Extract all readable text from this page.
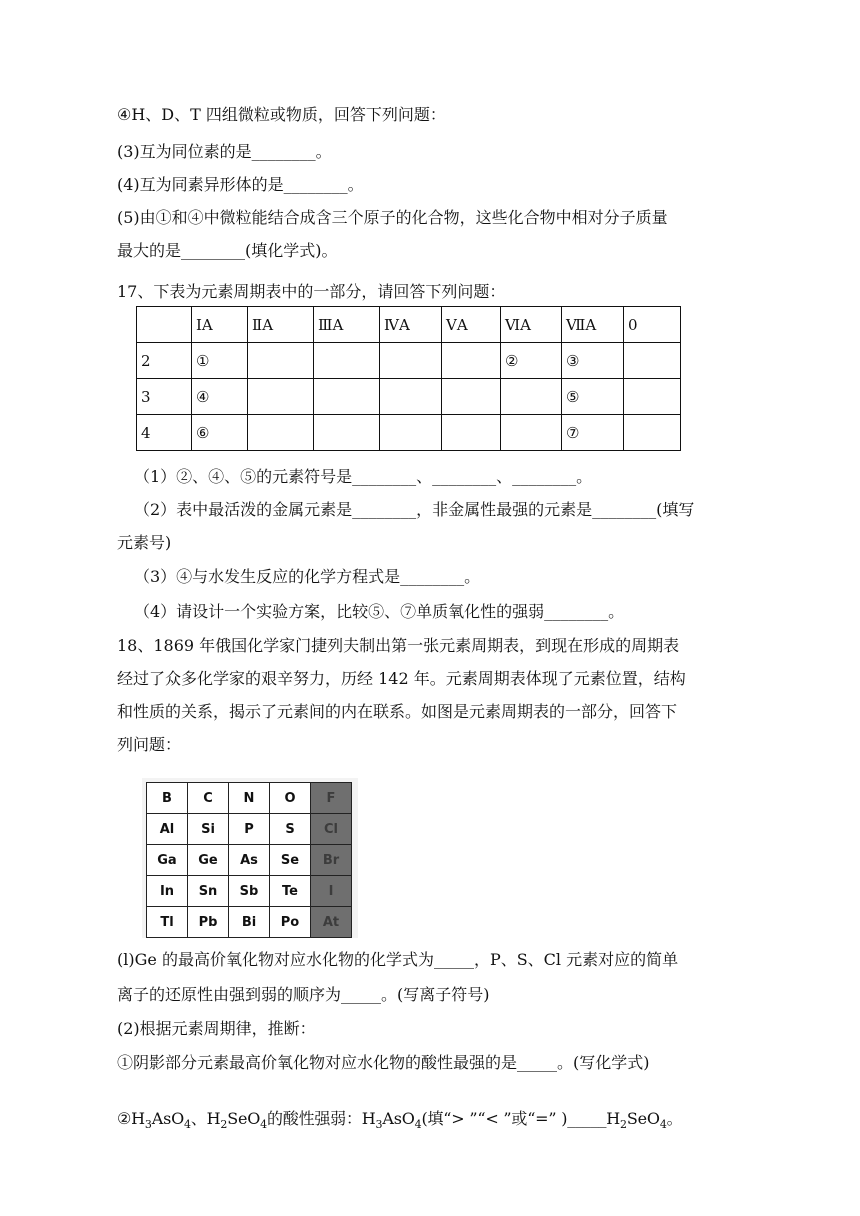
④H、D、T 四组微粒或物质，回答下列问题：
(3)互为同位素的是________。
(4)互为同素异形体的是________。
(5)由①和④中微粒能结合成含三个原子的化合物，这些化合物中相对分子质量
最大的是________(填化学式)。
17、下表为元素周期表中的一部分，请回答下列问题：
	ⅠA	ⅡA	ⅢA	ⅣA	ⅤA	ⅥA	ⅦA	0
2	①					②	③	
3	④						⑤	
4	⑥						⑦	
（1）②、④、⑤的元素符号是________、________、________。
（2）表中最活泼的金属元素是________，非金属性最强的元素是________(填写
元素号)
（3）④与水发生反应的化学方程式是________。
（4）请设计一个实验方案，比较⑤、⑦单质氧化性的强弱________。
18、1869 年俄国化学家门捷列夫制出第一张元素周期表，到现在形成的周期表
经过了众多化学家的艰辛努力，历经 142 年。元素周期表体现了元素位置，结构
和性质的关系，揭示了元素间的内在联系。如图是元素周期表的一部分，回答下
列问题：
B	C	N	O	F
Al	Si	P	S	Cl
Ga	Ge	As	Se	Br
In	Sn	Sb	Te	I
Tl	Pb	Bi	Po	At
(l)Ge 的最高价氧化物对应水化物的化学式为_____，P、S、Cl 元素对应的简单
离子的还原性由强到弱的顺序为_____。(写离子符号)
(2)根据元素周期律，推断：
①阴影部分元素最高价氧化物对应水化物的酸性最强的是_____。(写化学式)

$②H_3AsO_4$、$H_2SeO_4$的酸性强弱：$H_3AsO_4$(填“> ”“< ”或“=” )$\_\_\_\_\_H_2SeO_4$。
